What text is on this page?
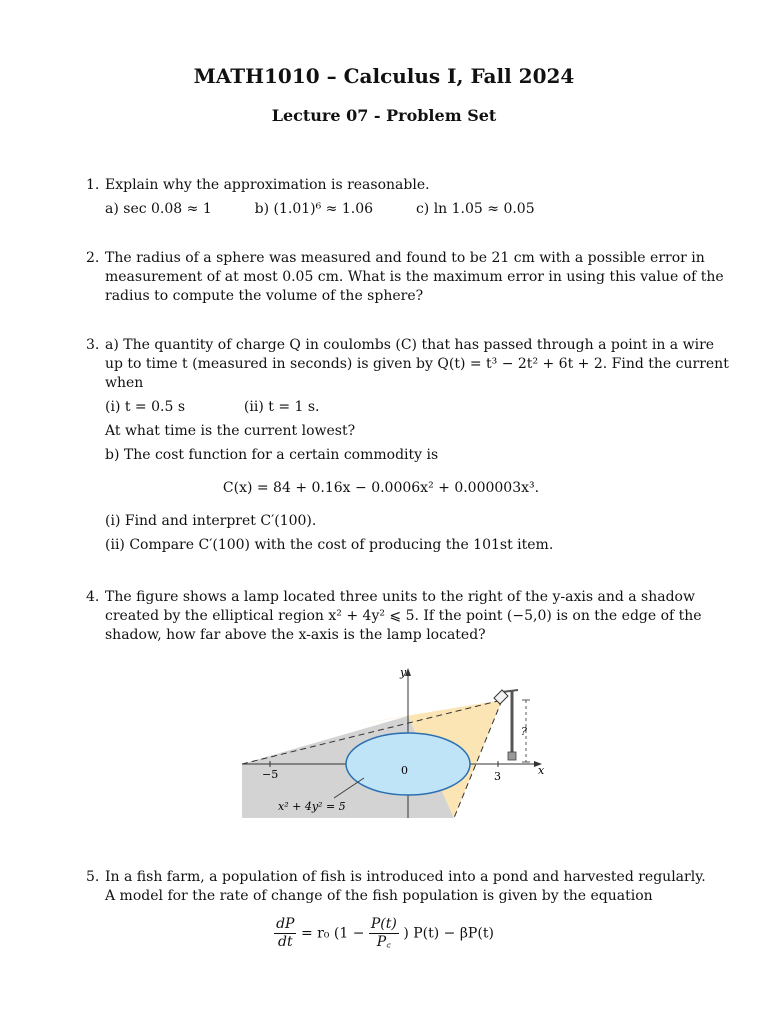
MATH1010 – Calculus I, Fall 2024
Lecture 07 - Problem Set
1. Explain why the approximation is reasonable.
a) sec 0.08 ≈ 1	b) (1.01)⁶ ≈ 1.06	c) ln 1.05 ≈ 0.05
2. The radius of a sphere was measured and found to be 21 cm with a possible error in
measurement of at most 0.05 cm. What is the maximum error in using this value of the
radius to compute the volume of the sphere?
3. a) The quantity of charge Q in coulombs (C) that has passed through a point in a wire
up to time t (measured in seconds) is given by Q(t) = t³ − 2t² + 6t + 2. Find the current
when
(i) t = 0.5 s	(ii) t = 1 s.
At what time is the current lowest?
b) The cost function for a certain commodity is
C(x) = 84 + 0.16x − 0.0006x² + 0.000003x³.
(i) Find and interpret C′(100).
(ii) Compare C′(100) with the cost of producing the 101st item.
4. The figure shows a lamp located three units to the right of the y-axis and a shadow
created by the elliptical region x² + 4y² ⩽ 5. If the point (−5,0) is on the edge of the
shadow, how far above the x-axis is the lamp located?
y
x
−5	0	3
?
x² + 4y² = 5
5. In a fish farm, a population of fish is introduced into a pond and harvested regularly.
A model for the rate of change of the fish population is given by the equation
$\frac{dP}{dt} = r_0$ ($1 - \frac{P(t)}{P꜀}$ ) P(t) − βP(t)
